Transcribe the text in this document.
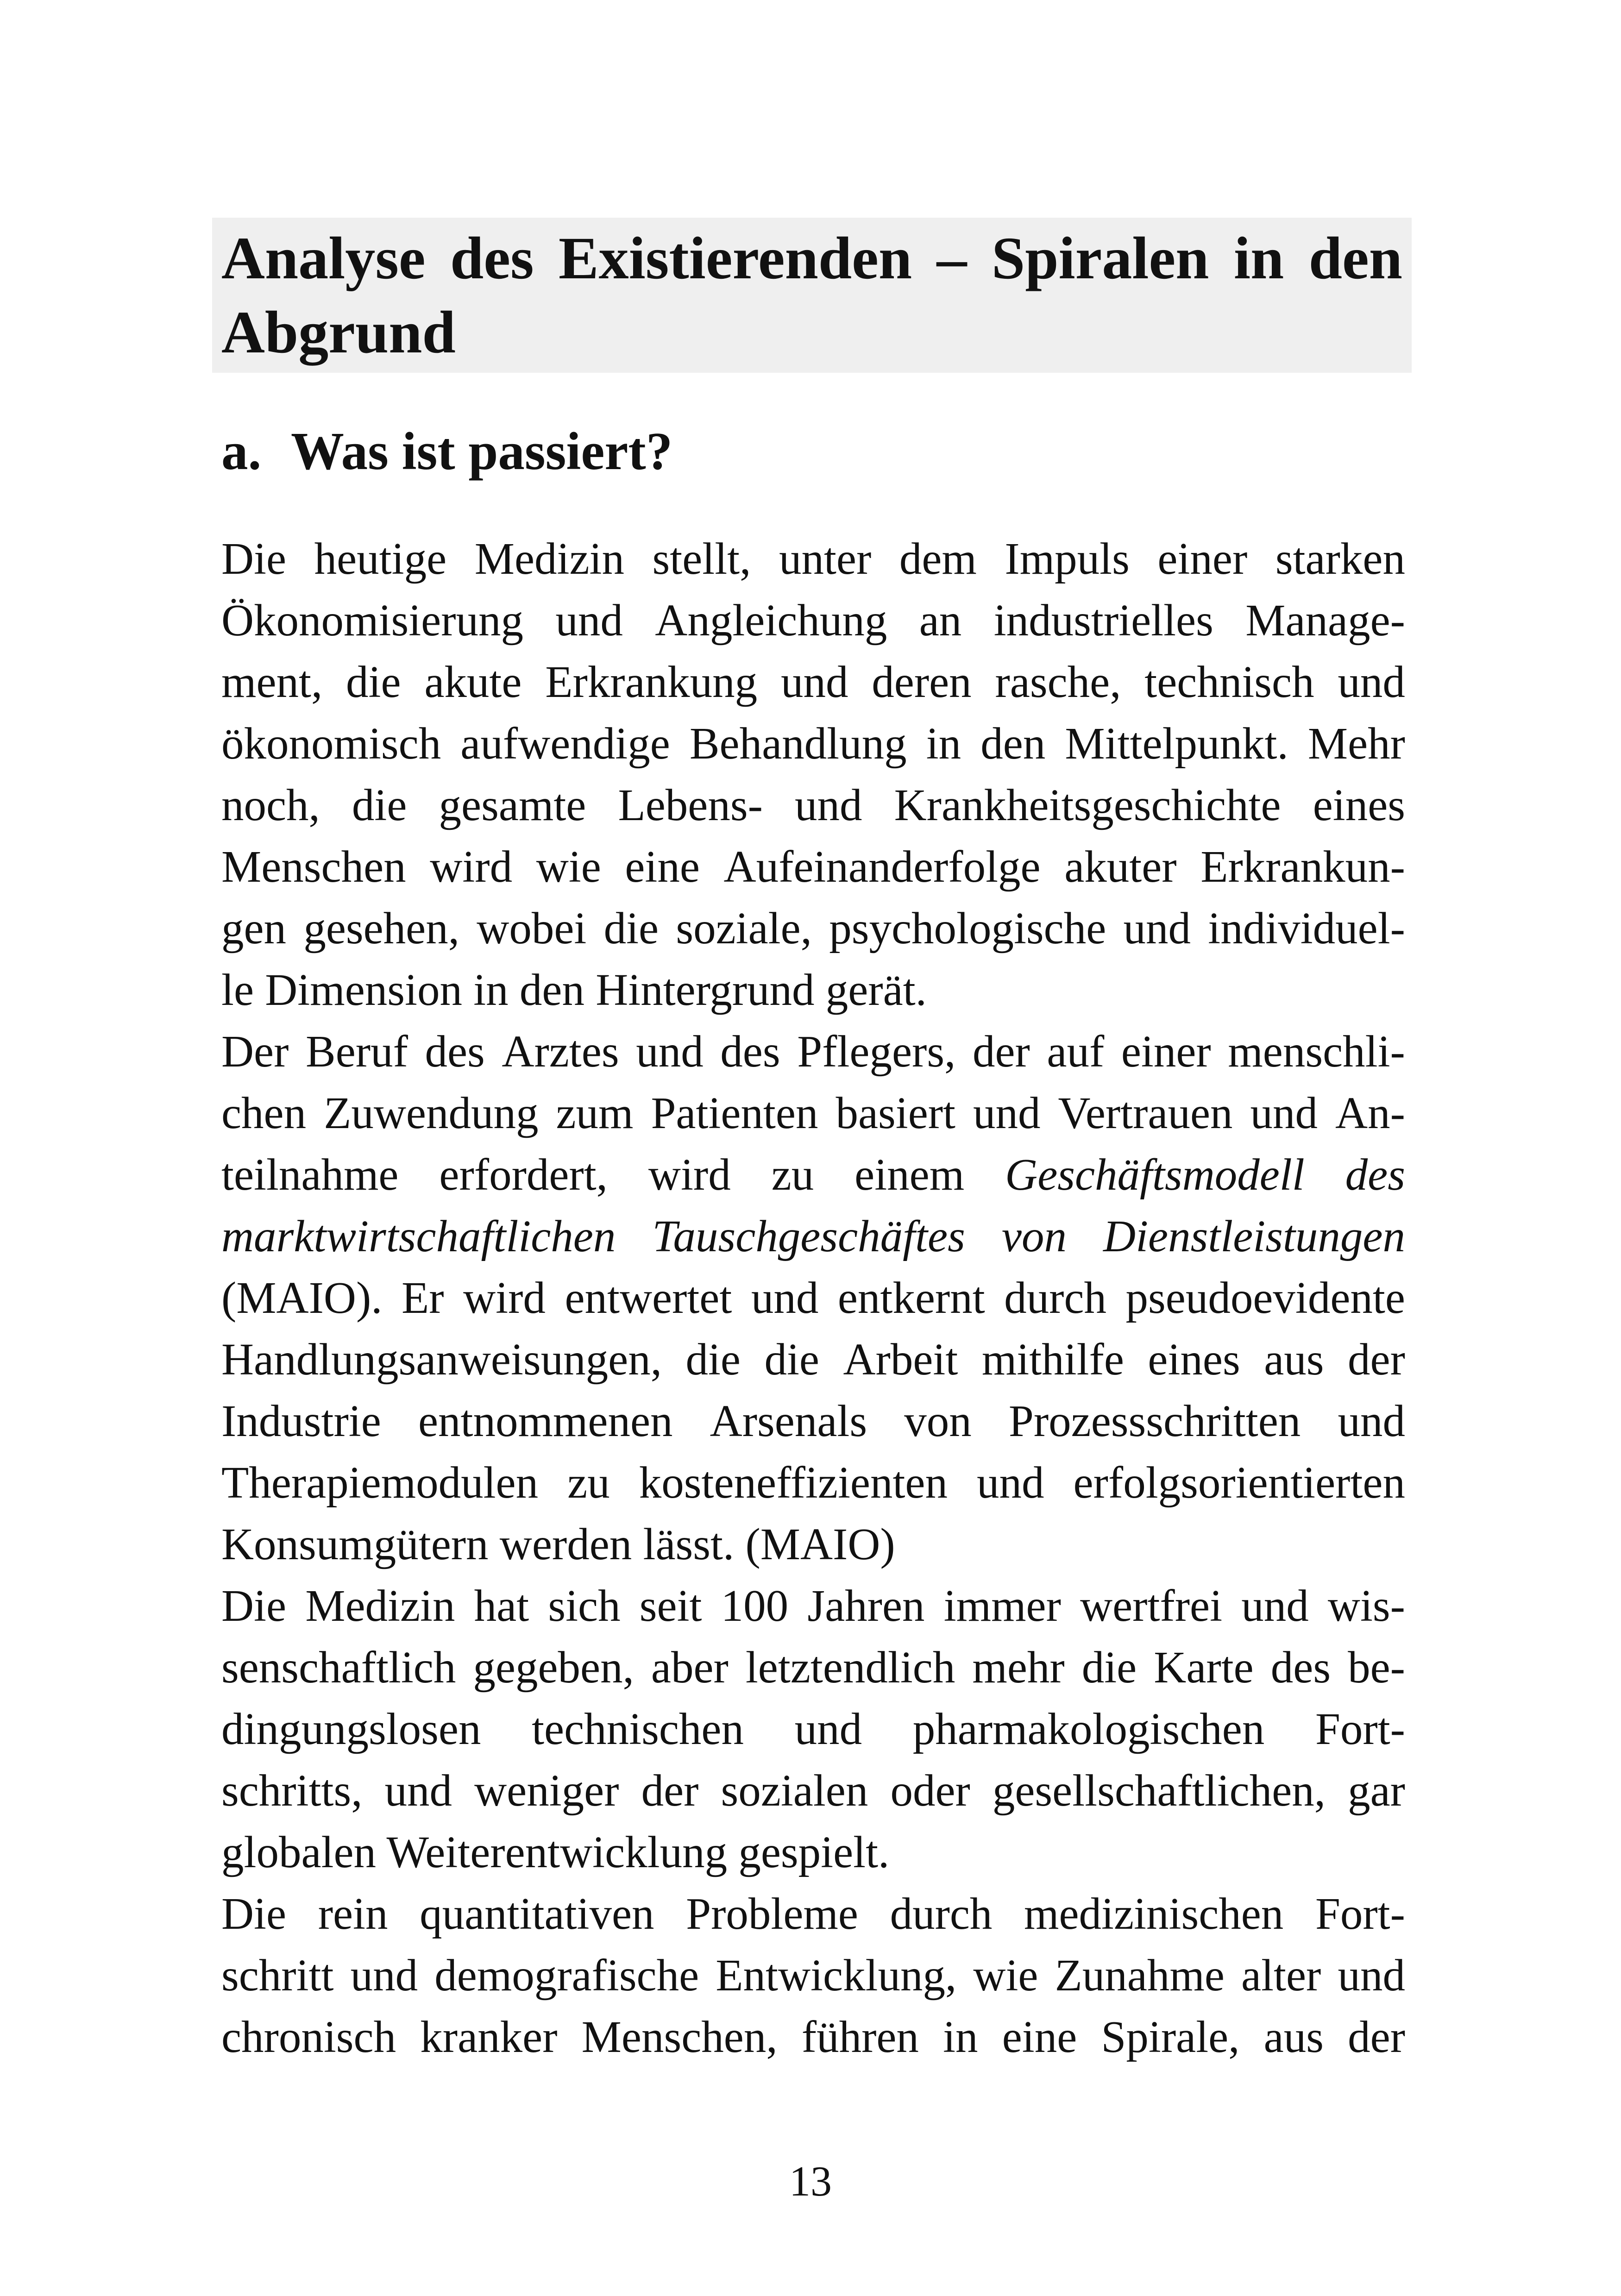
Analyse des Existierenden – Spiralen in den
Abgrund
a. Was ist passiert?
Die heutige Medizin stellt, unter dem Impuls einer starken
Ökonomisierung und Angleichung an industrielles Manage-
ment, die akute Erkrankung und deren rasche, technisch und
ökonomisch aufwendige Behandlung in den Mittelpunkt. Mehr
noch, die gesamte Lebens- und Krankheitsgeschichte eines
Menschen wird wie eine Aufeinanderfolge akuter Erkrankun-
gen gesehen, wobei die soziale, psychologische und individuel-
le Dimension in den Hintergrund gerät.
Der Beruf des Arztes und des Pflegers, der auf einer menschli-
chen Zuwendung zum Patienten basiert und Vertrauen und An-
teilnahme erfordert, wird zu einem Geschäftsmodell des
marktwirtschaftlichen Tauschgeschäftes von Dienstleistungen
(MAIO). Er wird entwertet und entkernt durch pseudoevidente
Handlungsanweisungen, die die Arbeit mithilfe eines aus der
Industrie entnommenen Arsenals von Prozessschritten und
Therapiemodulen zu kosteneffizienten und erfolgsorientierten
Konsumgütern werden lässt. (MAIO)
Die Medizin hat sich seit 100 Jahren immer wertfrei und wis-
senschaftlich gegeben, aber letztendlich mehr die Karte des be-
dingungslosen technischen und pharmakologischen Fort-
schritts, und weniger der sozialen oder gesellschaftlichen, gar
globalen Weiterentwicklung gespielt.
Die rein quantitativen Probleme durch medizinischen Fort-
schritt und demografische Entwicklung, wie Zunahme alter und
chronisch kranker Menschen, führen in eine Spirale, aus der
13
